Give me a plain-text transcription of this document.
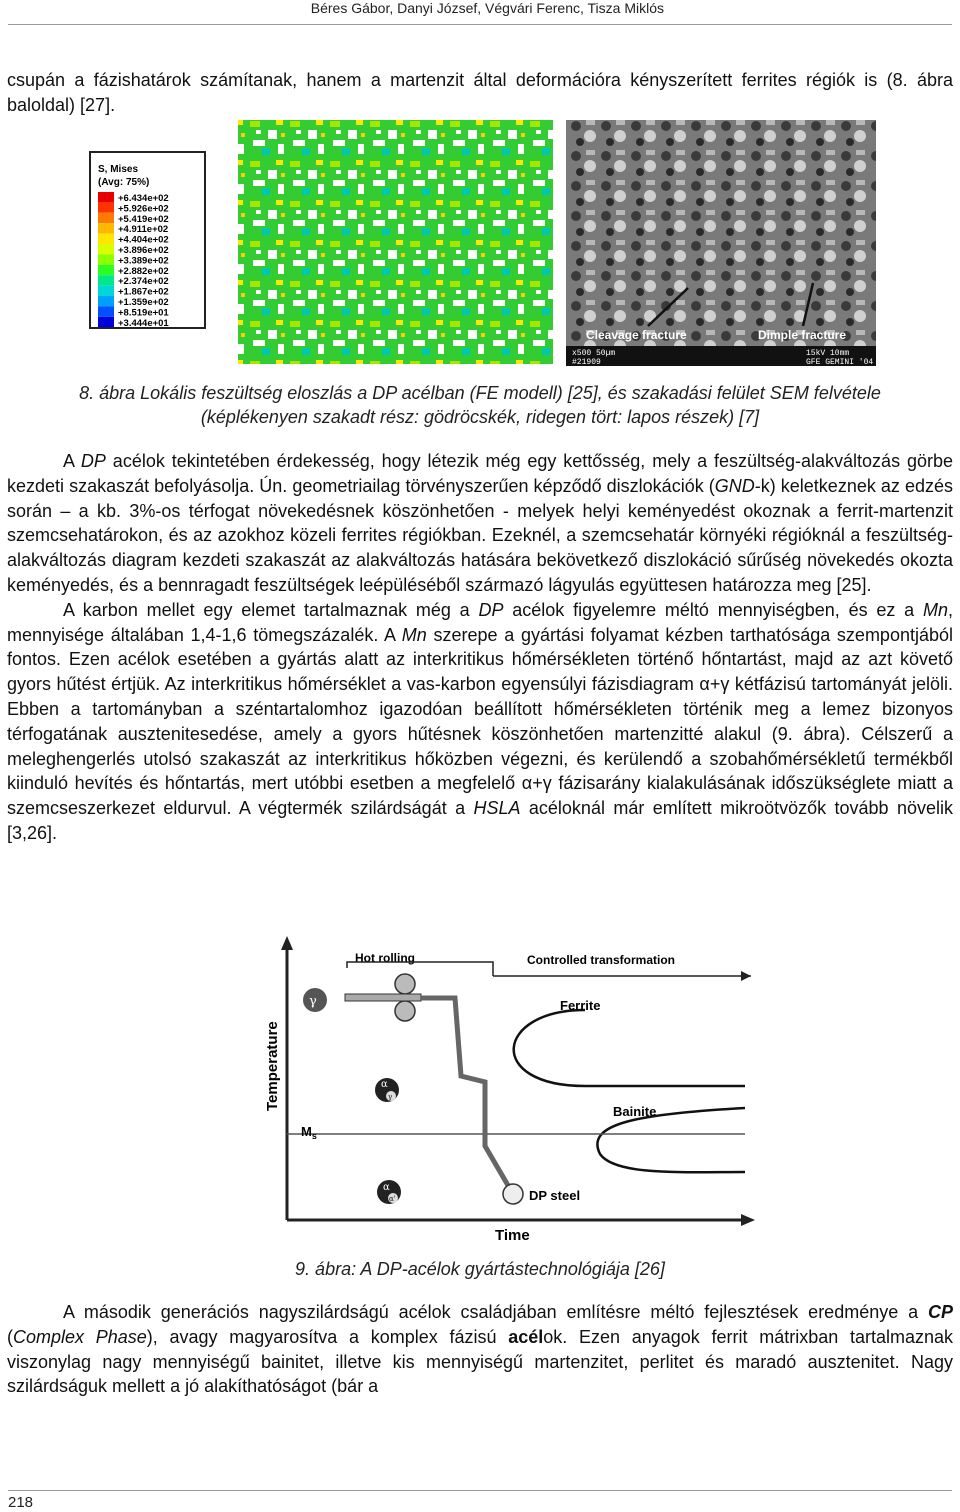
Béres Gábor, Danyi József, Végvári Ferenc, Tisza Miklós

csupán a fázishatárok számítanak, hanem a martenzit által deformációra kényszerített ferrites régiók is (8. ábra baloldal) [27].

S, Mises
(Avg: 75%)
+6.434e+02
+5.926e+02
+5.419e+02
+4.911e+02
+4.404e+02
+3.896e+02
+3.389e+02
+2.882e+02
+2.374e+02
+1.867e+02
+1.359e+02
+8.519e+01
+3.444e+01
Cleavage fracture	Dimple fracture
x500 50µm
#21909
15kV 10mm
GFE GEMINI '04
8. ábra Lokális feszültség eloszlás a DP acélban (FE modell) [25], és szakadási felület SEM felvétele (képlékenyen szakadt rész: gödröcskék, ridegen tört: lapos részek) [7]

A DP acélok tekintetében érdekesség, hogy létezik még egy kettősség, mely a feszültség-alakváltozás görbe kezdeti szakaszát befolyásolja. Ún. geometriailag törvényszerűen képződő diszlokációk (GND-k) keletkeznek az edzés során – a kb. 3%-os térfogat növekedésnek köszönhetően - melyek helyi keményedést okoznak a ferrit-martenzit szemcsehatárokon, és az azokhoz közeli ferrites régiókban. Ezeknél, a szemcsehatár környéki régióknál a feszültség-alakváltozás diagram kezdeti szakaszát az alakváltozás hatására bekövetkező diszlokáció sűrűség növekedés okozta keményedés, és a bennragadt feszültségek leépüléséből származó lágyulás együttesen határozza meg [25].

A karbon mellet egy elemet tartalmaznak még a DP acélok figyelemre méltó mennyiségben, és ez a Mn, mennyisége általában 1,4-1,6 tömegszázalék. A Mn szerepe a gyártási folyamat kézben tarthatósága szempontjából fontos. Ezen acélok esetében a gyártás alatt az interkritikus hőmérsékleten történő hőntartást, majd az azt követő gyors hűtést értjük. Az interkritikus hőmérséklet a vas-karbon egyensúlyi fázisdiagram α+γ kétfázisú tartományát jelöli. Ebben a tartományban a széntartalomhoz igazodóan beállított hőmérsékleten történik meg a lemez bizonyos térfogatának ausztenitesedése, amely a gyors hűtésnek köszönhetően martenzitté alakul (9. ábra). Célszerű a meleghengerlés utolsó szakaszát az interkritikus hőközben végezni, és kerülendő a szobahőmérsékletű termékből kiinduló hevítés és hőntartás, mert utóbbi esetben a megfelelő α+γ fázisarány kialakulásának időszükséglete miatt a szemcseszerkezet eldurvul. A végtermék szilárdságát a HSLA acéloknál már említett mikroötvözők tovább növelik [3,26].

Temperature
Time
Hot rolling	Controlled transformation
Ferrite
Bainite
$M_s$
γ
α
γ
α
α'	DP steel
9. ábra: A DP-acélok gyártástechnológiája [26]

A második generációs nagyszilárdságú acélok családjában említésre méltó fejlesztések eredménye a CP (Complex Phase), avagy magyarosítva a komplex fázisú acélok. Ezen anyagok ferrit mátrixban tartalmaznak viszonylag nagy mennyiségű bainitet, illetve kis mennyiségű martenzitet, perlitet és maradó ausztenitet. Nagy szilárdságuk mellett a jó alakíthatóságot (bár a

218
